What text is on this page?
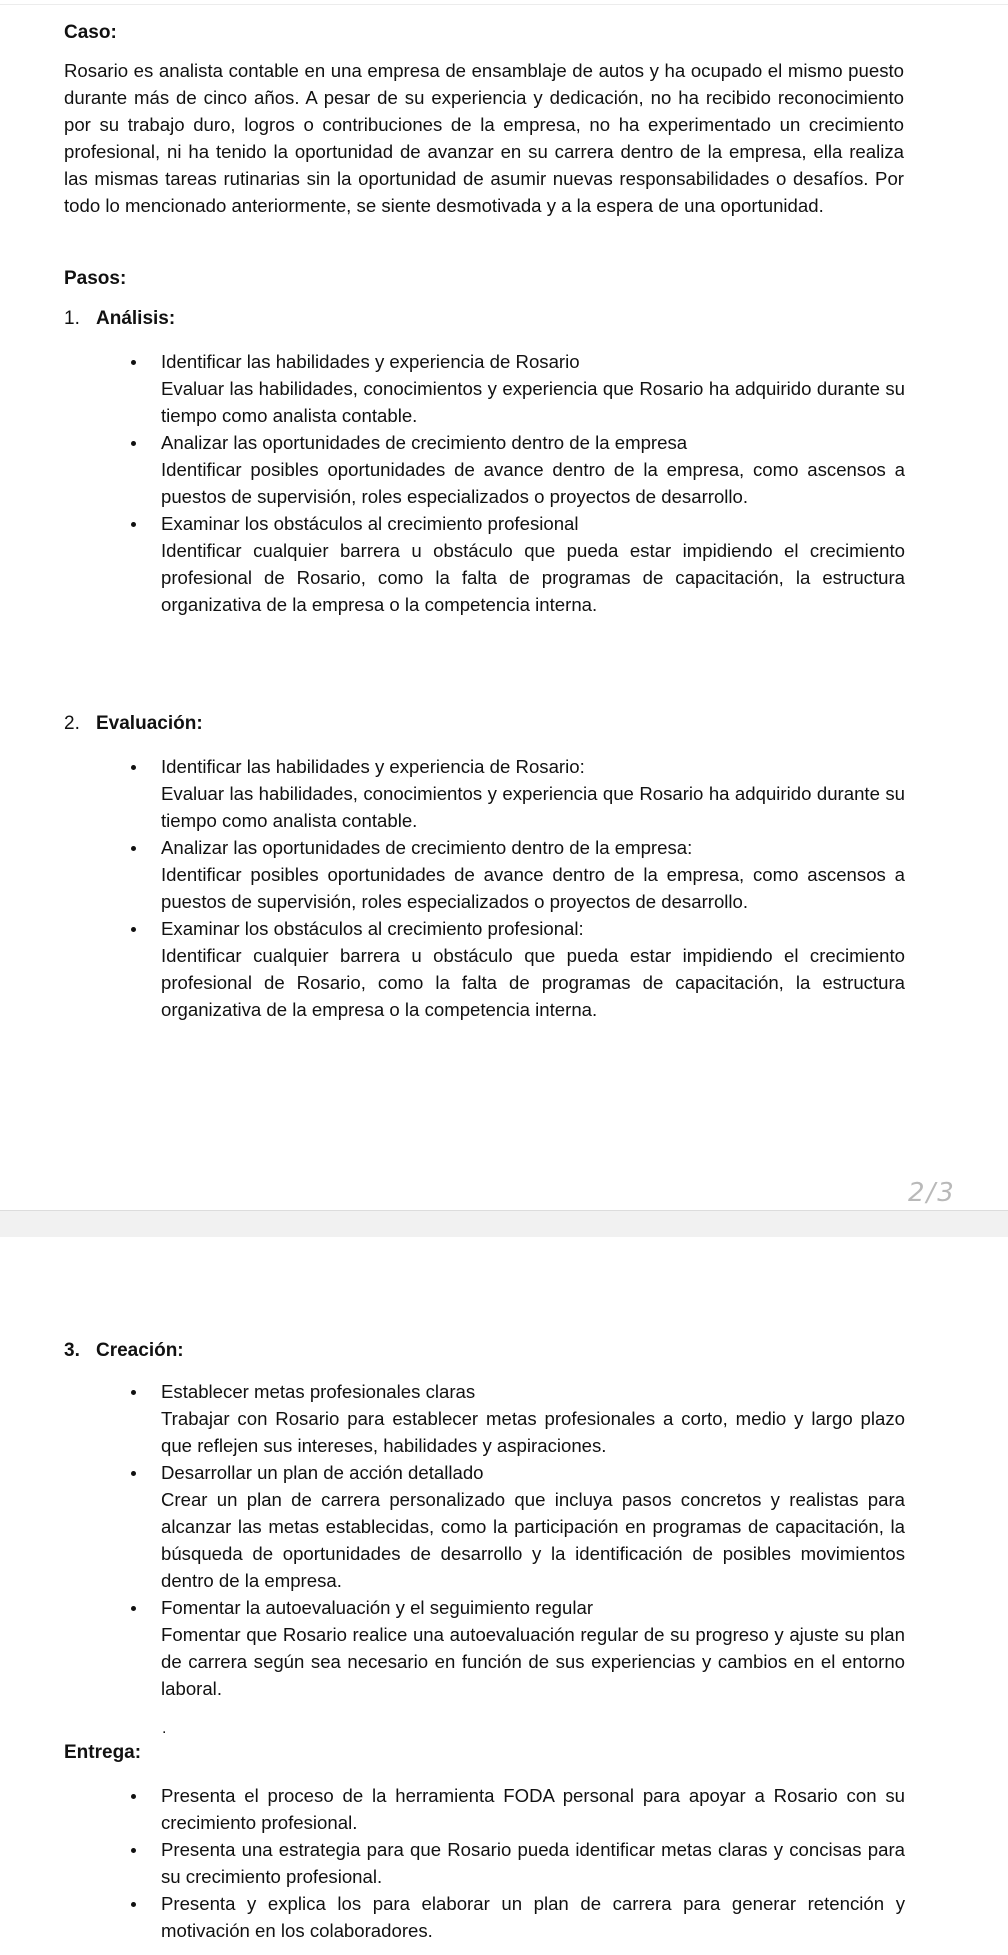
Caso:

Rosario es analista contable en una empresa de ensamblaje de autos y ha ocupado el mismo puesto durante más de cinco años. A pesar de su experiencia y dedicación, no ha recibido reconocimiento por su trabajo duro, logros o contribuciones de la empresa, no ha experimentado un crecimiento profesional, ni ha tenido la oportunidad de avanzar en su carrera dentro de la empresa, ella realiza las mismas tareas rutinarias sin la oportunidad de asumir nuevas responsabilidades o desafíos. Por todo lo mencionado anteriormente, se siente desmotivada y a la espera de una oportunidad.

Pasos:
1. Análisis:
Identificar las habilidades y experiencia de Rosario
Evaluar las habilidades, conocimientos y experiencia que Rosario ha adquirido durante su tiempo como analista contable.
Analizar las oportunidades de crecimiento dentro de la empresa
Identificar posibles oportunidades de avance dentro de la empresa, como ascensos a puestos de supervisión, roles especializados o proyectos de desarrollo.
Examinar los obstáculos al crecimiento profesional
Identificar cualquier barrera u obstáculo que pueda estar impidiendo el crecimiento profesional de Rosario, como la falta de programas de capacitación, la estructura organizativa de la empresa o la competencia interna.
2. Evaluación:
Identificar las habilidades y experiencia de Rosario:
Evaluar las habilidades, conocimientos y experiencia que Rosario ha adquirido durante su tiempo como analista contable.
Analizar las oportunidades de crecimiento dentro de la empresa:
Identificar posibles oportunidades de avance dentro de la empresa, como ascensos a puestos de supervisión, roles especializados o proyectos de desarrollo.
Examinar los obstáculos al crecimiento profesional:
Identificar cualquier barrera u obstáculo que pueda estar impidiendo el crecimiento profesional de Rosario, como la falta de programas de capacitación, la estructura organizativa de la empresa o la competencia interna.
2/3
3. Creación:
Establecer metas profesionales claras
Trabajar con Rosario para establecer metas profesionales a corto, medio y largo plazo que reflejen sus intereses, habilidades y aspiraciones.
Desarrollar un plan de acción detallado
Crear un plan de carrera personalizado que incluya pasos concretos y realistas para alcanzar las metas establecidas, como la participación en programas de capacitación, la búsqueda de oportunidades de desarrollo y la identificación de posibles movimientos dentro de la empresa.
Fomentar la autoevaluación y el seguimiento regular
Fomentar que Rosario realice una autoevaluación regular de su progreso y ajuste su plan de carrera según sea necesario en función de sus experiencias y cambios en el entorno laboral.
Entrega:
Presenta el proceso de la herramienta FODA personal para apoyar a Rosario con su crecimiento profesional.
Presenta una estrategia para que Rosario pueda identificar metas claras y concisas para su crecimiento profesional.
Presenta y explica los para elaborar un plan de carrera para generar retención y motivación en los colaboradores.
.
